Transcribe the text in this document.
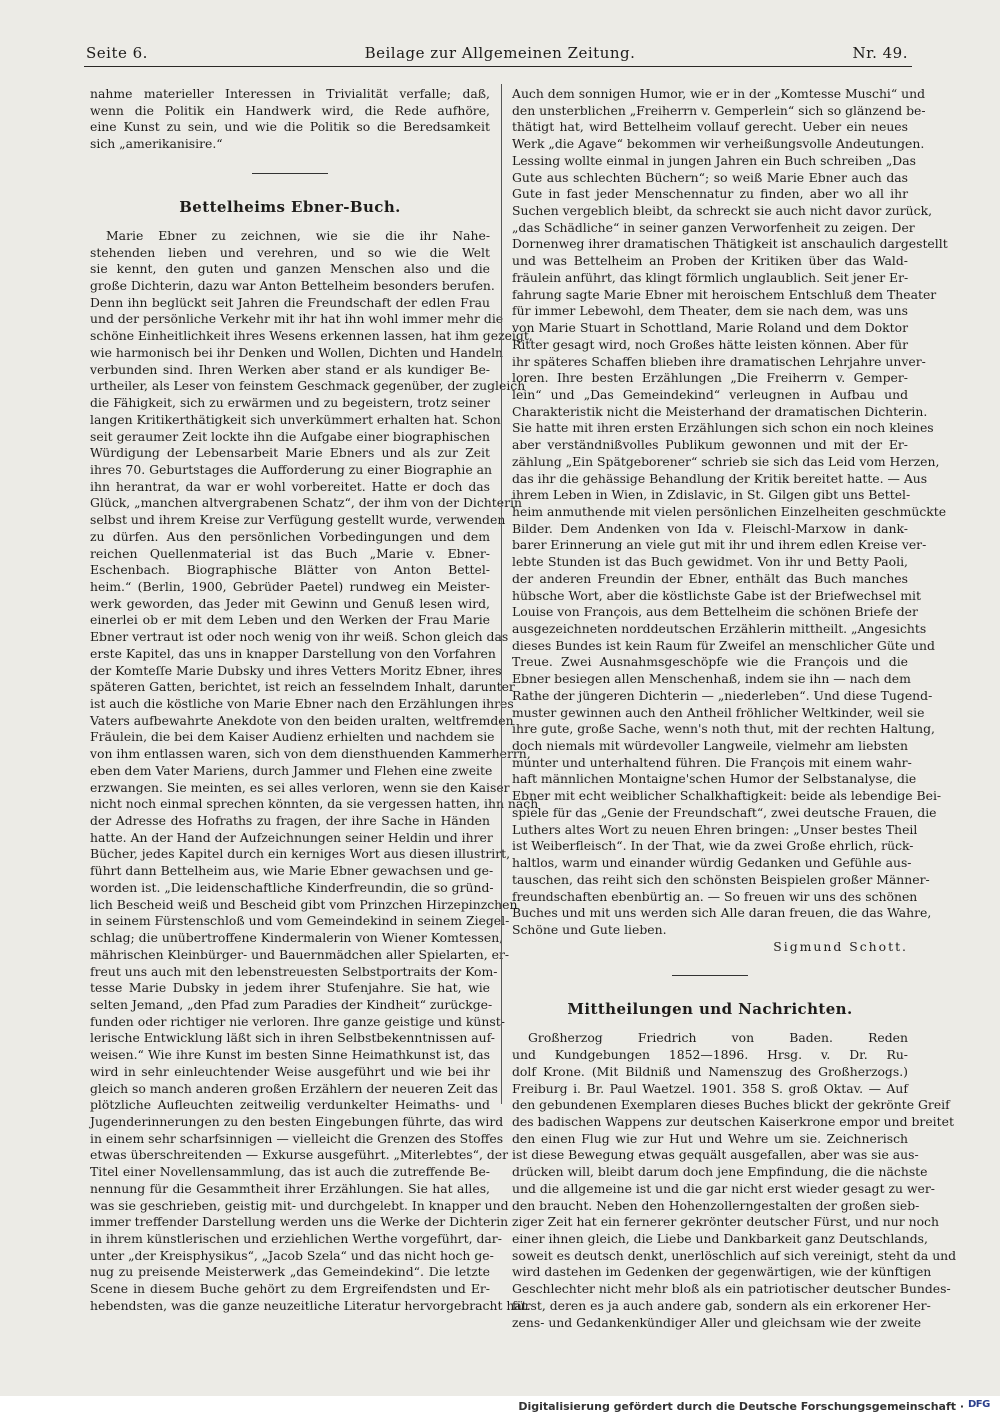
Seite 6.	Beilage zur Allgemeinen Zeitung.	Nr. 49.
nahme materieller Interessen in Trivialität verfalle; daß,
wenn die Politik ein Handwerk wird, die Rede aufhöre,
eine Kunst zu sein, und wie die Politik so die Beredsamkeit
sich „amerikanisire.“
Bettelheims Ebner-Buch.
Marie Ebner zu zeichnen, wie sie die ihr Nahe-
stehenden lieben und verehren, und so wie die Welt
sie kennt, den guten und ganzen Menschen also und die
große Dichterin, dazu war Anton Bettelheim besonders berufen.
Denn ihn beglückt seit Jahren die Freundschaft der edlen Frau
und der persönliche Verkehr mit ihr hat ihn wohl immer mehr die
schöne Einheitlichkeit ihres Wesens erkennen lassen, hat ihm gezeigt,
wie harmonisch bei ihr Denken und Wollen, Dichten und Handeln
verbunden sind. Ihren Werken aber stand er als kundiger Be-
urtheiler, als Leser von feinstem Geschmack gegenüber, der zugleich
die Fähigkeit, sich zu erwärmen und zu begeistern, trotz seiner
langen Kritikerthätigkeit sich unverkümmert erhalten hat. Schon
seit geraumer Zeit lockte ihn die Aufgabe einer biographischen
Würdigung der Lebensarbeit Marie Ebners und als zur Zeit
ihres 70. Geburtstages die Aufforderung zu einer Biographie an
ihn herantrat, da war er wohl vorbereitet. Hatte er doch das
Glück, „manchen altvergrabenen Schatz“, der ihm von der Dichterin
selbst und ihrem Kreise zur Verfügung gestellt wurde, verwenden
zu dürfen. Aus den persönlichen Vorbedingungen und dem
reichen Quellenmaterial ist das Buch „Marie v. Ebner-
Eschenbach. Biographische Blätter von Anton Bettel-
heim.“ (Berlin, 1900, Gebrüder Paetel) rundweg ein Meister-
werk geworden, das Jeder mit Gewinn und Genuß lesen wird,
einerlei ob er mit dem Leben und den Werken der Frau Marie
Ebner vertraut ist oder noch wenig von ihr weiß. Schon gleich das
erste Kapitel, das uns in knapper Darstellung von den Vorfahren
der Komteſſe Marie Dubsky und ihres Vetters Moritz Ebner, ihres
späteren Gatten, berichtet, ist reich an fesselndem Inhalt, darunter
ist auch die köstliche von Marie Ebner nach den Erzählungen ihres
Vaters aufbewahrte Anekdote von den beiden uralten, weltfremden
Fräulein, die bei dem Kaiser Audienz erhielten und nachdem sie
von ihm entlassen waren, sich von dem diensthuenden Kammerherrn,
eben dem Vater Mariens, durch Jammer und Flehen eine zweite
erzwangen. Sie meinten, es sei alles verloren, wenn sie den Kaiser
nicht noch einmal sprechen könnten, da sie vergessen hatten, ihn nach
der Adresse des Hofraths zu fragen, der ihre Sache in Händen
hatte. An der Hand der Aufzeichnungen seiner Heldin und ihrer
Bücher, jedes Kapitel durch ein kerniges Wort aus diesen illustrirt,
führt dann Bettelheim aus, wie Marie Ebner gewachsen und ge-
worden ist. „Die leidenschaftliche Kinderfreundin, die so gründ-
lich Bescheid weiß und Bescheid gibt vom Prinzchen Hirzepinzchen
in seinem Fürstenschloß und vom Gemeindekind in seinem Ziegel-
schlag; die unübertroffene Kindermalerin von Wiener Komtessen,
mährischen Kleinbürger- und Bauernmädchen aller Spielarten, er-
freut uns auch mit den lebenstreuesten Selbstportraits der Kom-
tesse Marie Dubsky in jedem ihrer Stufenjahre. Sie hat, wie
selten Jemand, „den Pfad zum Paradies der Kindheit“ zurückge-
funden oder richtiger nie verloren. Ihre ganze geistige und künst-
lerische Entwicklung läßt sich in ihren Selbstbekenntnissen auf-
weisen.“ Wie ihre Kunst im besten Sinne Heimathkunst ist, das
wird in sehr einleuchtender Weise ausgeführt und wie bei ihr
gleich so manch anderen großen Erzählern der neueren Zeit das
plötzliche Aufleuchten zeitweilig verdunkelter Heimaths- und
Jugenderinnerungen zu den besten Eingebungen führte, das wird
in einem sehr scharfsinnigen — vielleicht die Grenzen des Stoffes
etwas überschreitenden — Exkurse ausgeführt. „Miterlebtes“, der
Titel einer Novellensammlung, das ist auch die zutreffende Be-
nennung für die Gesammtheit ihrer Erzählungen. Sie hat alles,
was sie geschrieben, geistig mit- und durchgelebt. In knapper und
immer treffender Darstellung werden uns die Werke der Dichterin
in ihrem künstlerischen und erziehlichen Werthe vorgeführt, dar-
unter „der Kreisphysikus“, „Jacob Szela“ und das nicht hoch ge-
nug zu preisende Meisterwerk „das Gemeindekind“. Die letzte
Scene in diesem Buche gehört zu dem Ergreifendsten und Er-
hebendsten, was die ganze neuzeitliche Literatur hervorgebracht hat.
Auch dem sonnigen Humor, wie er in der „Komtesse Muschi“ und
den unsterblichen „Freiherrn v. Gemperlein“ sich so glänzend be-
thätigt hat, wird Bettelheim vollauf gerecht. Ueber ein neues
Werk „die Agave“ bekommen wir verheißungsvolle Andeutungen.
Lessing wollte einmal in jungen Jahren ein Buch schreiben „Das
Gute aus schlechten Büchern“; so weiß Marie Ebner auch das
Gute in fast jeder Menschennatur zu finden, aber wo all ihr
Suchen vergeblich bleibt, da schreckt sie auch nicht davor zurück,
„das Schädliche“ in seiner ganzen Verworfenheit zu zeigen. Der
Dornenweg ihrer dramatischen Thätigkeit ist anschaulich dargestellt
und was Bettelheim an Proben der Kritiken über das Wald-
fräulein anführt, das klingt förmlich unglaublich. Seit jener Er-
fahrung sagte Marie Ebner mit heroischem Entschluß dem Theater
für immer Lebewohl, dem Theater, dem sie nach dem, was uns
von Marie Stuart in Schottland, Marie Roland und dem Doktor
Ritter gesagt wird, noch Großes hätte leisten können. Aber für
ihr späteres Schaffen blieben ihre dramatischen Lehrjahre unver-
loren. Ihre besten Erzählungen „Die Freiherrn v. Gemper-
lein“ und „Das Gemeindekind“ verleugnen in Aufbau und
Charakteristik nicht die Meisterhand der dramatischen Dichterin.
Sie hatte mit ihren ersten Erzählungen sich schon ein noch kleines
aber verständnißvolles Publikum gewonnen und mit der Er-
zählung „Ein Spätgeborener“ schrieb sie sich das Leid vom Herzen,
das ihr die gehässige Behandlung der Kritik bereitet hatte. — Aus
ihrem Leben in Wien, in Zdislavic, in St. Gilgen gibt uns Bettel-
heim anmuthende mit vielen persönlichen Einzelheiten geschmückte
Bilder. Dem Andenken von Ida v. Fleischl-Marxow in dank-
barer Erinnerung an viele gut mit ihr und ihrem edlen Kreise ver-
lebte Stunden ist das Buch gewidmet. Von ihr und Betty Paoli,
der anderen Freundin der Ebner, enthält das Buch manches
hübsche Wort, aber die köstlichste Gabe ist der Briefwechsel mit
Louise von François, aus dem Bettelheim die schönen Briefe der
ausgezeichneten norddeutschen Erzählerin mittheilt. „Angesichts
dieses Bundes ist kein Raum für Zweifel an menschlicher Güte und
Treue. Zwei Ausnahmsgeschöpfe wie die François und die
Ebner besiegen allen Menschenhaß, indem sie ihn — nach dem
Rathe der jüngeren Dichterin — „niederleben“. Und diese Tugend-
muster gewinnen auch den Antheil fröhlicher Weltkinder, weil sie
ihre gute, große Sache, wenn's noth thut, mit der rechten Haltung,
doch niemals mit würdevoller Langweile, vielmehr am liebsten
munter und unterhaltend führen. Die François mit einem wahr-
haft männlichen Montaigne'schen Humor der Selbstanalyse, die
Ebner mit echt weiblicher Schalkhaftigkeit: beide als lebendige Bei-
spiele für das „Genie der Freundschaft“, zwei deutsche Frauen, die
Luthers altes Wort zu neuen Ehren bringen: „Unser bestes Theil
ist Weiberfleisch“. In der That, wie da zwei Große ehrlich, rück-
haltlos, warm und einander würdig Gedanken und Gefühle aus-
tauschen, das reiht sich den schönsten Beispielen großer Männer-
freundschaften ebenbürtig an. — So freuen wir uns des schönen
Buches und mit uns werden sich Alle daran freuen, die das Wahre,
Schöne und Gute lieben.
Sigmund Schott.
Mittheilungen und Nachrichten.
Großherzog Friedrich von Baden. Reden
und Kundgebungen 1852—1896. Hrsg. v. Dr. Ru-
dolf Krone. (Mit Bildniß und Namenszug des Großherzogs.)
Freiburg i. Br. Paul Waetzel. 1901. 358 S. groß Oktav. — Auf
den gebundenen Exemplaren dieses Buches blickt der gekrönte Greif
des badischen Wappens zur deutschen Kaiserkrone empor und breitet
den einen Flug wie zur Hut und Wehre um sie. Zeichnerisch
ist diese Bewegung etwas gequält ausgefallen, aber was sie aus-
drücken will, bleibt darum doch jene Empfindung, die die nächste
und die allgemeine ist und die gar nicht erst wieder gesagt zu wer-
den braucht. Neben den Hohenzollerngestalten der großen sieb-
ziger Zeit hat ein fernerer gekrönter deutscher Fürst, und nur noch
einer ihnen gleich, die Liebe und Dankbarkeit ganz Deutschlands,
soweit es deutsch denkt, unerlöschlich auf sich vereinigt, steht da und
wird dastehen im Gedenken der gegenwärtigen, wie der künftigen
Geschlechter nicht mehr bloß als ein patriotischer deutscher Bundes-
fürst, deren es ja auch andere gab, sondern als ein erkorener Her-
zens- und Gedankenkündiger Aller und gleichsam wie der zweite
Digitalisierung gefördert durch die Deutsche Forschungsgemeinschaft · DFG
